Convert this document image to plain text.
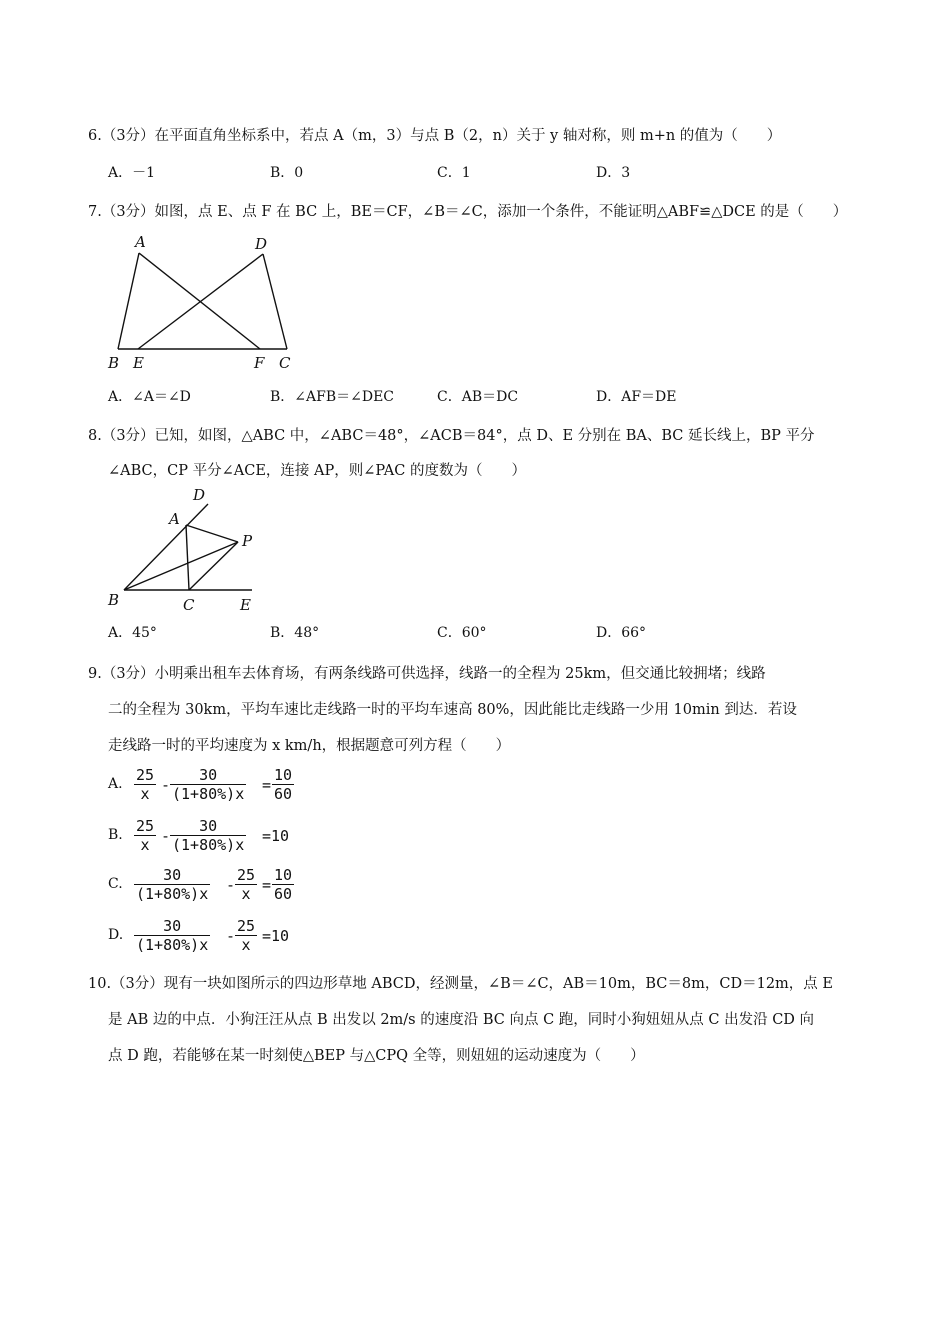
6.（3分）在平面直角坐标系中，若点 A（m，3）与点 B（2，n）关于 y 轴对称，则 m+n 的值为（　　）
A．－1	B．0	C．1	D．3
7.（3分）如图，点 E、点 F 在 BC 上，BE＝CF，∠B＝∠C，添加一个条件，不能证明△ABF≌△DCE 的是（　　）
A	D
B E	F C
A．∠A＝∠D	B．∠AFB＝∠DEC	C．AB＝DC	D．AF＝DE
8.（3分）已知，如图，△ABC 中，∠ABC＝48°，∠ACB＝84°，点 D、E 分别在 BA、BC 延长线上，BP 平分
∠ABC，CP 平分∠ACE，连接 AP，则∠PAC 的度数为（　　）
D
A
P
B	C	E
A．45°	B．48°	C．60°	D．66°
9.（3分）小明乘出租车去体育场，有两条线路可供选择，线路一的全程为 25km，但交通比较拥堵；线路
二的全程为 30km，平均车速比走线路一时的平均车速高 80%，因此能比走线路一少用 10min 到达．若设
走线路一时的平均速度为 x km/h，根据题意可列方程（　　）
A. 25
x
-
30
(1+80%)x
=
10
60
B. 25
x
-
30
(1+80%)x
=10
C.	30
(1+80%)x
-
25
x
=
10
60
D.	30
(1+80%)x
-
25
x
=10
10.（3分）现有一块如图所示的四边形草地 ABCD，经测量，∠B＝∠C，AB＝10m，BC＝8m，CD＝12m，点 E
是 AB 边的中点．小狗汪汪从点 B 出发以 2m/s 的速度沿 BC 向点 C 跑，同时小狗妞妞从点 C 出发沿 CD 向
点 D 跑，若能够在某一时刻使△BEP 与△CPQ 全等，则妞妞的运动速度为（　　）
